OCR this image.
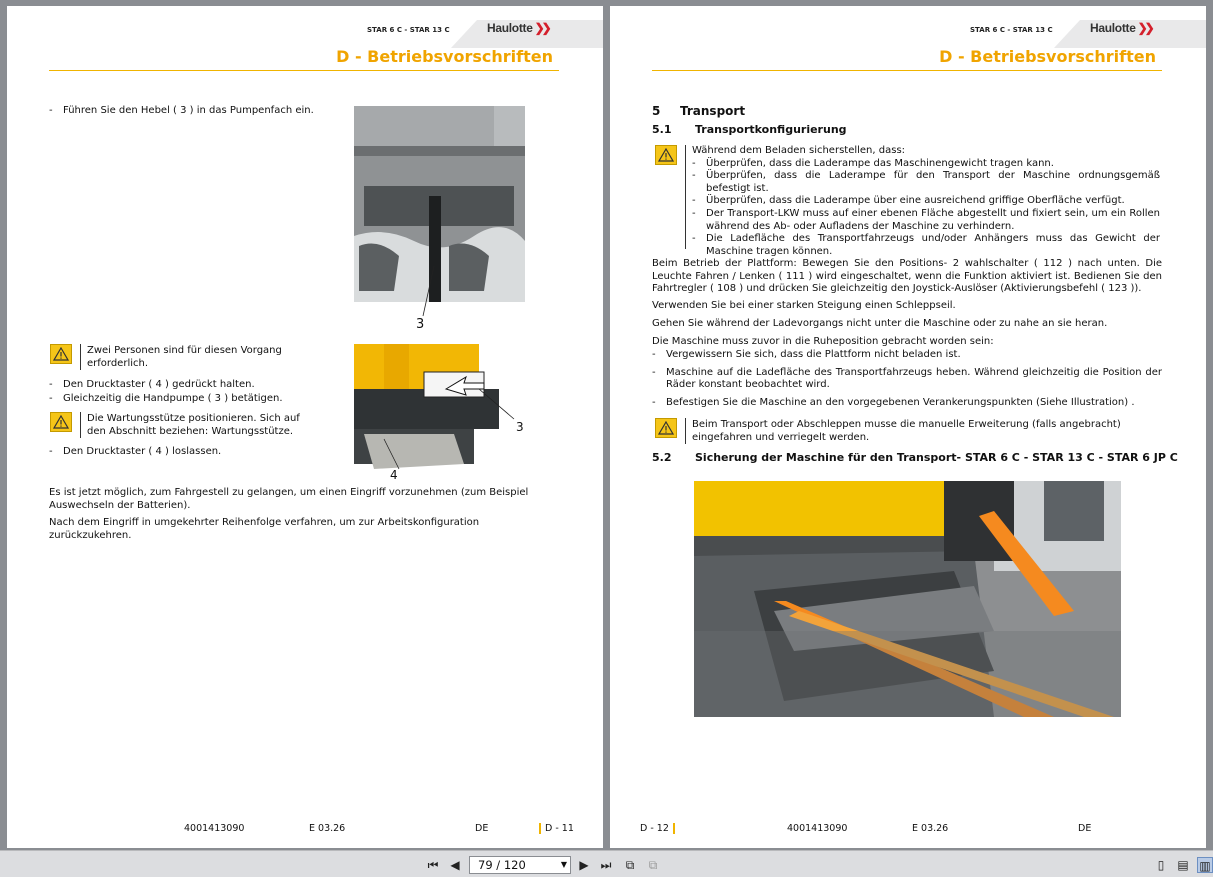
STAR 6 C - STAR 13 C	Haulotte ❯❯
D - Betriebsvorschriften
- Führen Sie den Hebel ( 3 ) in das Pumpenfach ein.
3
Zwei Personen sind für diesen Vorgang erforderlich.
- Den Drucktaster ( 4 ) gedrückt halten.
- Gleichzeitig die Handpumpe ( 3 ) betätigen.
Die Wartungsstütze positionieren. Sich auf den Abschnitt beziehen: Wartungsstütze.
- Den Drucktaster ( 4 ) loslassen.
3
4
Es ist jetzt möglich, zum Fahrgestell zu gelangen, um einen Eingriff vorzunehmen (zum Beispiel Auswechseln der Batterien).
Nach dem Eingriff in umgekehrter Reihenfolge verfahren, um zur Arbeitskonfiguration zurückzukehren.
4001413090	E 03.26	DE	D - 11
STAR 6 C - STAR 13 C	Haulotte ❯❯
D - Betriebsvorschriften
5 Transport
5.1 Transportkonfigurierung
Während dem Beladen sicherstellen, dass:
- Überprüfen, dass die Laderampe das Maschinengewicht tragen kann.
- Überprüfen, dass die Laderampe für den Transport der Maschine ordnungsgemäß befestigt ist.
- Überprüfen, dass die Laderampe über eine ausreichend griffige Oberfläche verfügt.
- Der Transport-LKW muss auf einer ebenen Fläche abgestellt und fixiert sein, um ein Rollen während des Ab- oder Aufladens der Maschine zu verhindern.
- Die Ladefläche des Transportfahrzeugs und/oder Anhängers muss das Gewicht der Maschine tragen können.
Beim Betrieb der Plattform: Bewegen Sie den Positions- 2 wahlschalter ( 112 ) nach unten. Die Leuchte Fahren / Lenken ( 111 ) wird eingeschaltet, wenn die Funktion aktiviert ist. Bedienen Sie den Fahrtregler ( 108 ) und drücken Sie gleichzeitig den Joystick-Auslöser (Aktivierungsbefehl ( 123 )).
Verwenden Sie bei einer starken Steigung einen Schleppseil.
Gehen Sie während der Ladevorgangs nicht unter die Maschine oder zu nahe an sie heran.
Die Maschine muss zuvor in die Ruheposition gebracht worden sein:
- Vergewissern Sie sich, dass die Plattform nicht beladen ist.
- Maschine auf die Ladefläche des Transportfahrzeugs heben. Während gleichzeitig die Position der Räder konstant beobachtet wird.
- Befestigen Sie die Maschine an den vorgegebenen Verankerungspunkten (Siehe Illustration) .
Beim Transport oder Abschleppen musse die manuelle Erweiterung (falls angebracht) eingefahren und verriegelt werden.
5.2 Sicherung der Maschine für den Transport- STAR 6 C - STAR 13 C - STAR 6 JP C
D - 12	4001413090	E 03.26	DE
⏮ ◀	79 / 120	▼ ▶ ⏭	⧉	⧉	▯	▤ ▥
